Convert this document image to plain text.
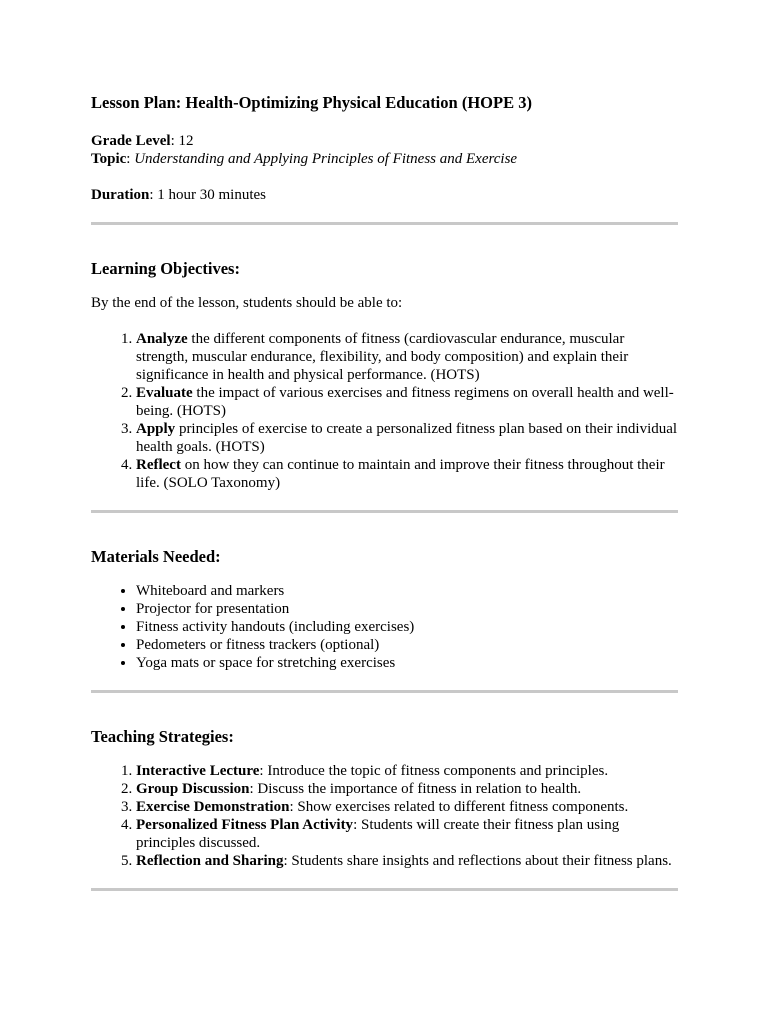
Lesson Plan: Health-Optimizing Physical Education (HOPE 3)

Grade Level: 12

Topic: Understanding and Applying Principles of Fitness and Exercise

Duration: 1 hour 30 minutes

Learning Objectives:

By the end of the lesson, students should be able to:

1. Analyze the different components of fitness (cardiovascular endurance, muscular strength, muscular endurance, flexibility, and body composition) and explain their significance in health and physical performance. (HOTS)
2. Evaluate the impact of various exercises and fitness regimens on overall health and well-being. (HOTS)
3. Apply principles of exercise to create a personalized fitness plan based on their individual health goals. (HOTS)
4. Reflect on how they can continue to maintain and improve their fitness throughout their life. (SOLO Taxonomy)
Materials Needed:
• Whiteboard and markers
• Projector for presentation
• Fitness activity handouts (including exercises)
• Pedometers or fitness trackers (optional)
• Yoga mats or space for stretching exercises
Teaching Strategies:
1. Interactive Lecture: Introduce the topic of fitness components and principles.
2. Group Discussion: Discuss the importance of fitness in relation to health.
3. Exercise Demonstration: Show exercises related to different fitness components.
4. Personalized Fitness Plan Activity: Students will create their fitness plan using principles discussed.
5. Reflection and Sharing: Students share insights and reflections about their fitness plans.
